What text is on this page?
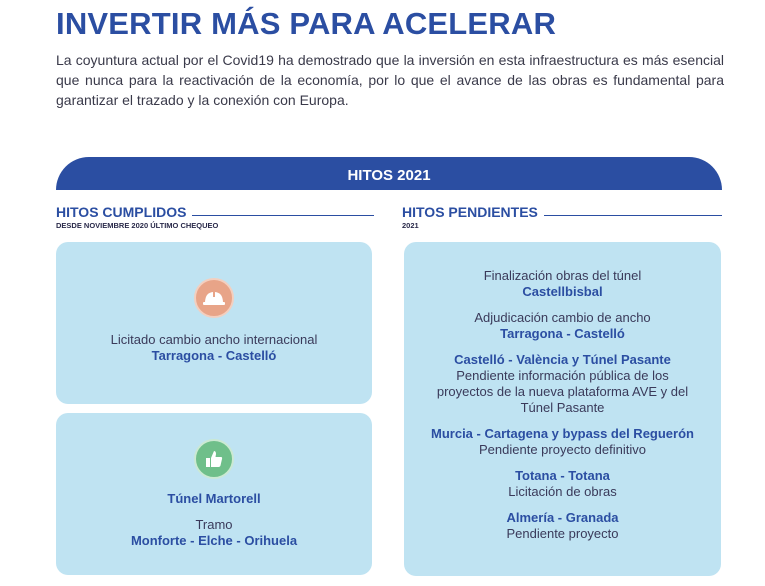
INVERTIR MÁS PARA ACELERAR

La coyuntura actual por el Covid19 ha demostrado que la inversión en esta infraestructura es más esencial que nunca para la reactivación de la economía, por lo que el avance de las obras es fundamental para garantizar el trazado y la conexión con Europa.

HITOS 2021
HITOS CUMPLIDOS
DESDE NOVIEMBRE 2020 ÚLTIMO CHEQUEO
HITOS PENDIENTES
2021
Licitado cambio ancho internacional
Tarragona - Castelló
Túnel Martorell
Tramo
Monforte - Elche - Orihuela
Finalización obras del túnel
Castellbisbal
Adjudicación cambio de ancho
Tarragona - Castelló
Castelló - València y Túnel Pasante
Pendiente información pública de los proyectos de la nueva plataforma AVE y del Túnel Pasante
Murcia - Cartagena y bypass del Reguerón
Pendiente proyecto definitivo
Totana - Totana
Licitación de obras
Almería - Granada
Pendiente proyecto
